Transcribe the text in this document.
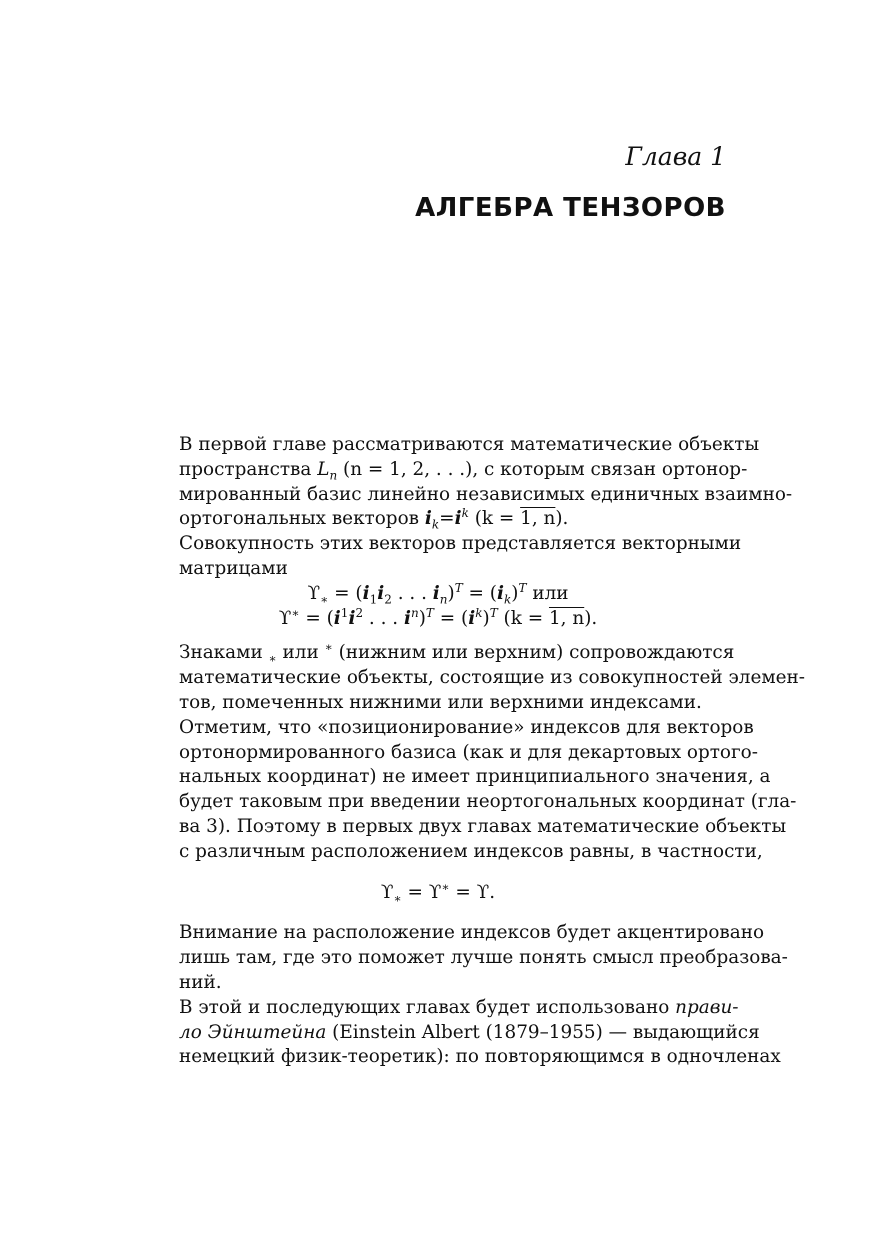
Глава 1
АЛГЕБРА ТЕНЗОРОВ

В первой главе рассматриваются математические объекты
пространства $L_n$ (n = 1, 2, . . .), с которым связан ортонор-
мированный базис линейно независимых единичных взаимно-
ортогональных векторов $i_k=i^k$ (k = 1, n).

Совокупность этих векторов представляется векторными
матрицами

$ϒ_∗ = (i_1i_2$ . . . $i_n)^T = (i_k)^T$ или
$ϒ^∗ = (i^1i^2$ . . . $i^n)^T = (i^k)^T$ (k = 1, n).

Знаками $_∗$ или ∗ (нижним или верхним) сопровождаются
математические объекты, состоящие из совокупностей элемен-
тов, помеченных нижними или верхними индексами.

Отметим, что «позиционирование» индексов для векторов
ортонормированного базиса (как и для декартовых ортого-
нальных координат) не имеет принципиального значения, а
будет таковым при введении неортогональных координат (гла-
ва 3). Поэтому в первых двух главах математические объекты
с различным расположением индексов равны, в частности,

$ϒ_∗ = ϒ^∗ = ϒ$.

Внимание на расположение индексов будет акцентировано
лишь там, где это поможет лучше понять смысл преобразова-
ний.

В этой и последующих главах будет использовано прави-
ло Эйнштейна (Einstein Albert (1879–1955) — выдающийся
немецкий физик-теоретик): по повторяющимся в одночленах
